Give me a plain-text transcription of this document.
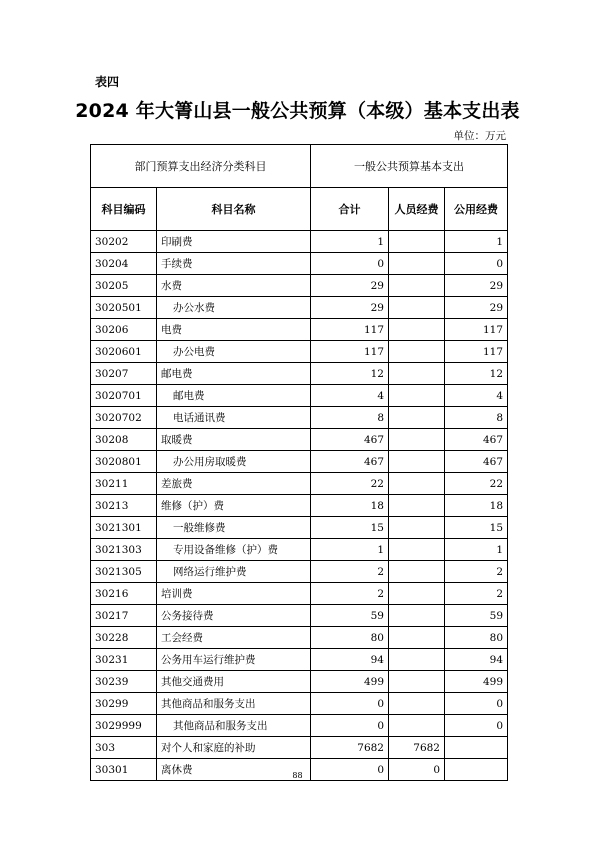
表四
2024 年大箐山县一般公共预算（本级）基本支出表
单位：万元
部门预算支出经济分类科目		一般公共预算基本支出		
科目编码	科目名称	合计	人员经费	公用经费
30202	印刷费	1		1
30204	手续费	0		0
30205	水费	29		29
3020501	办公水费	29		29
30206	电费	117		117
3020601	办公电费	117		117
30207	邮电费	12		12
3020701	邮电费	4		4
3020702	电话通讯费	8		8
30208	取暖费	467		467
3020801	办公用房取暖费	467		467
30211	差旅费	22		22
30213	维修（护）费	18		18
3021301	一般维修费	15		15
3021303	专用设备维修（护）费	1		1
3021305	网络运行维护费	2		2
30216	培训费	2		2
30217	公务接待费	59		59
30228	工会经费	80		80
30231	公务用车运行维护费	94		94
30239	其他交通费用	499		499
30299	其他商品和服务支出	0		0
3029999	其他商品和服务支出	0		0
303	对个人和家庭的补助	7682	7682	
30301	离休费	0	0	
88
